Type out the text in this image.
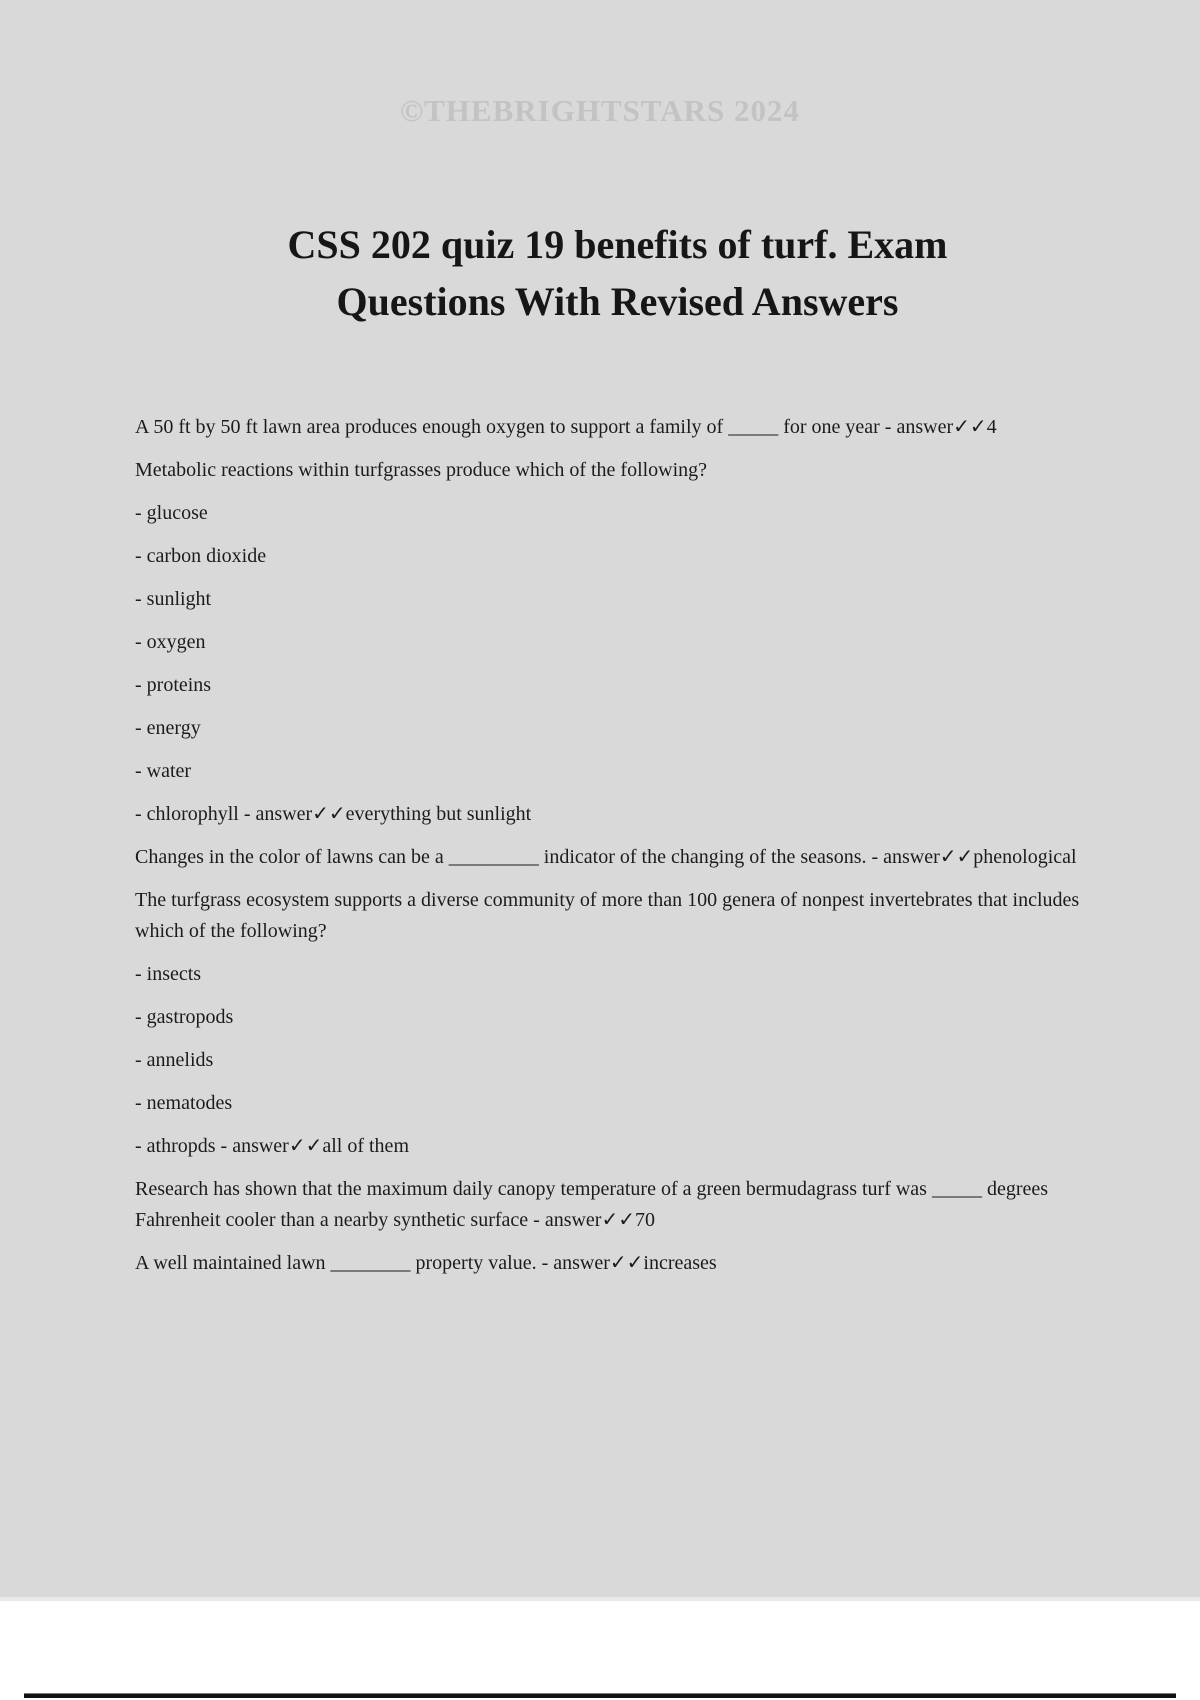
©THEBRIGHTSTARS 2024
CSS 202 quiz 19 benefits of turf. Exam
Questions With Revised Answers

A 50 ft by 50 ft lawn area produces enough oxygen to support a family of _____ for one year - answer✓✓4

Metabolic reactions within turfgrasses produce which of the following?

- glucose

- carbon dioxide

- sunlight

- oxygen

- proteins

- energy

- water

- chlorophyll - answer✓✓everything but sunlight

Changes in the color of lawns can be a _________ indicator of the changing of the seasons. - answer✓✓phenological

The turfgrass ecosystem supports a diverse community of more than 100 genera of nonpest invertebrates that includes which of the following?

- insects

- gastropods

- annelids

- nematodes

- athropds - answer✓✓all of them

Research has shown that the maximum daily canopy temperature of a green bermudagrass turf was _____ degrees Fahrenheit cooler than a nearby synthetic surface - answer✓✓70

A well maintained lawn ________ property value. - answer✓✓increases
